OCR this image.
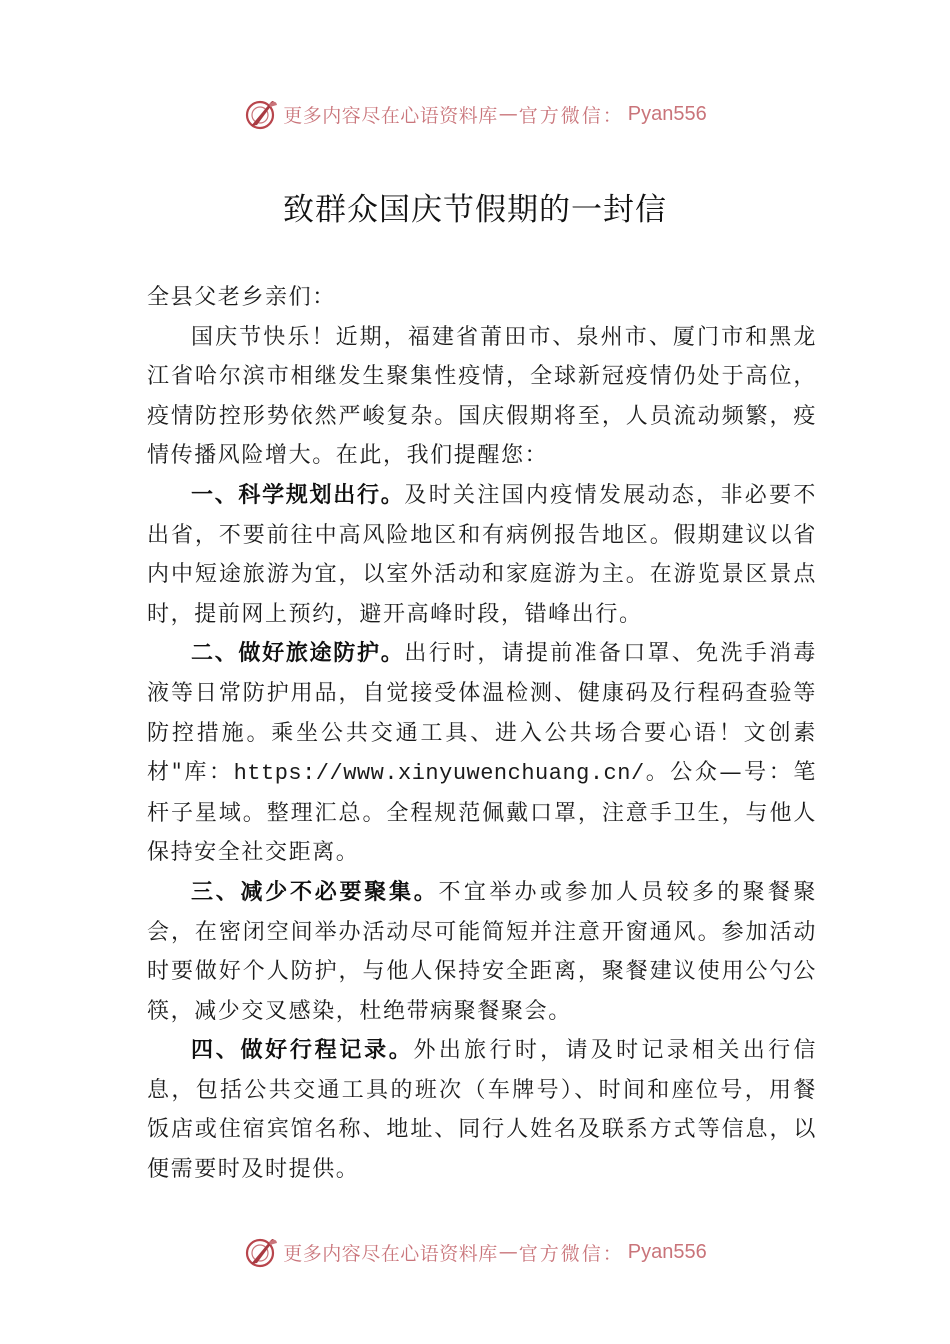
更多内容尽在心语资料库 — 官方微信： Pyan556
致群众国庆节假期的一封信

全县父老乡亲们：

国庆节快乐！近期，福建省莆田市、泉州市、厦门市和黑龙江省哈尔滨市相继发生聚集性疫情，全球新冠疫情仍处于高位，疫情防控形势依然严峻复杂。国庆假期将至，人员流动频繁，疫情传播风险增大。在此，我们提醒您：

一、科学规划出行。及时关注国内疫情发展动态，非必要不出省，不要前往中高风险地区和有病例报告地区。假期建议以省内中短途旅游为宜，以室外活动和家庭游为主。在游览景区景点时，提前网上预约，避开高峰时段，错峰出行。

二、做好旅途防护。出行时，请提前准备口罩、免洗手消毒液等日常防护用品，自觉接受体温检测、健康码及行程码查验等防控措施。乘坐公共交通工具、进入公共场合要心语！文创素材"库：https://www.xinyuwenchuang.cn/。公众—号：笔杆子星域。整理汇总。全程规范佩戴口罩，注意手卫生，与他人保持安全社交距离。

三、减少不必要聚集。不宜举办或参加人员较多的聚餐聚会，在密闭空间举办活动尽可能简短并注意开窗通风。参加活动时要做好个人防护，与他人保持安全距离，聚餐建议使用公勺公筷，减少交叉感染，杜绝带病聚餐聚会。

四、做好行程记录。外出旅行时，请及时记录相关出行信息，包括公共交通工具的班次（车牌号）、时间和座位号，用餐饭店或住宿宾馆名称、地址、同行人姓名及联系方式等信息，以便需要时及时提供。

更多内容尽在心语资料库 — 官方微信： Pyan556
